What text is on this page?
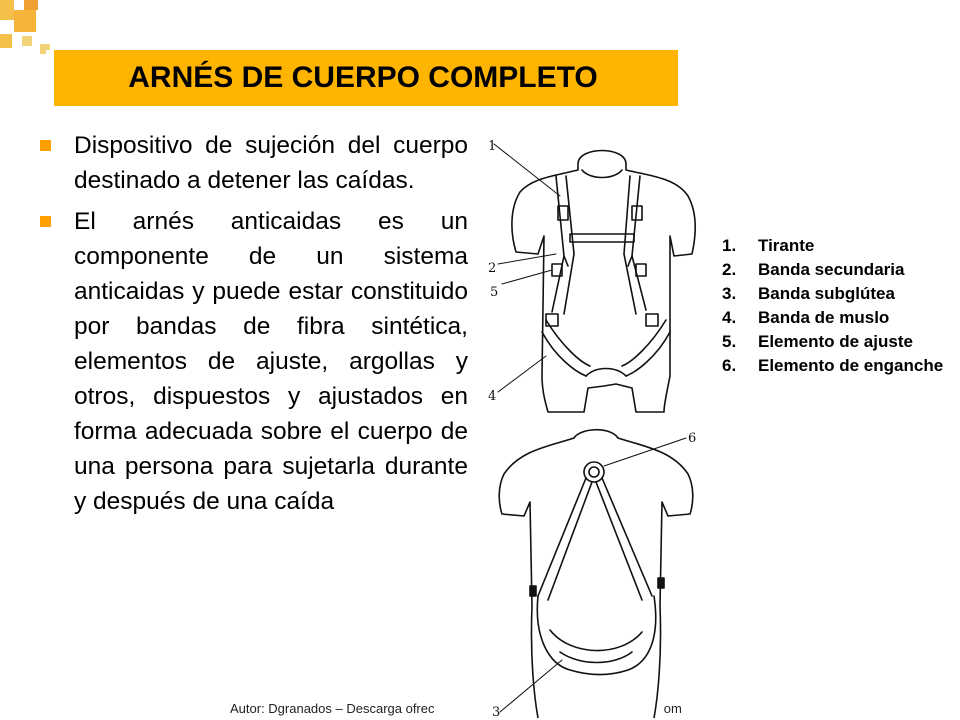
ARNÉS DE CUERPO COMPLETO
Dispositivo de sujeción del cuerpo destinado a detener las caídas.
El arnés anticaidas es un componente de un sistema anticaidas y puede estar constituido por bandas de fibra sintética, elementos de ajuste, argollas y otros, dispuestos y ajustados en forma adecuada sobre el cuerpo de una persona para sujetarla durante y después de una caída
1
2
5
4
6
3
1.	Tirante
2.	Banda secundaria
3.	Banda subglútea
4.	Banda de muslo
5.	Elemento de ajuste
6.	Elemento de enganche
Autor: Dgranados – Descarga ofrec	om
